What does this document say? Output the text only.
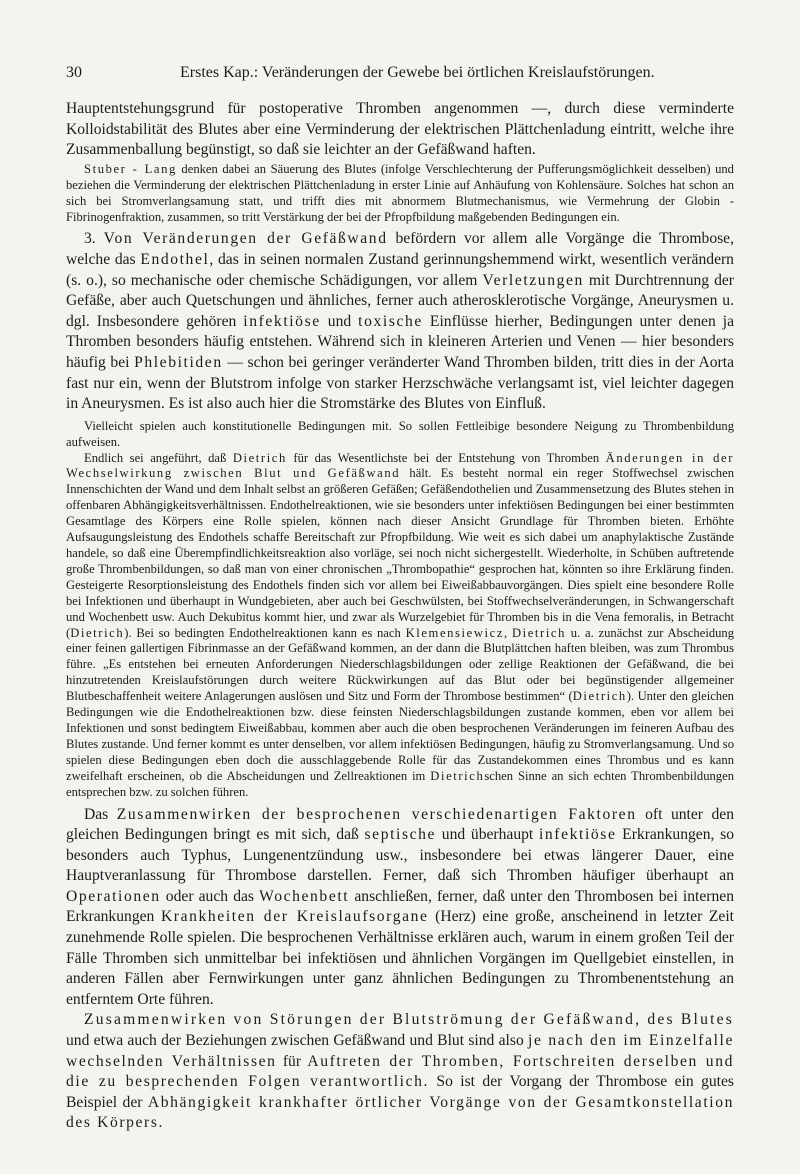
30	Erstes Kap.: Veränderungen der Gewebe bei örtlichen Kreislaufstörungen.

Hauptentstehungsgrund für postoperative Thromben angenommen —, durch diese verminderte Kolloidstabilität des Blutes aber eine Verminderung der elektrischen Plättchenladung eintritt, welche ihre Zusammenballung begünstigt, so daß sie leichter an der Gefäßwand haften.

Stuber - Lang denken dabei an Säuerung des Blutes (infolge Verschlechterung der Pufferungsmöglichkeit desselben) und beziehen die Verminderung der elektrischen Plättchenladung in erster Linie auf Anhäufung von Kohlensäure. Solches hat schon an sich bei Stromverlangsamung statt, und trifft dies mit abnormem Blutmechanismus, wie Vermehrung der Globin - Fibrinogenfraktion, zusammen, so tritt Verstärkung der bei der Pfropfbildung maßgebenden Bedingungen ein.

3. Von Veränderungen der Gefäßwand befördern vor allem alle Vorgänge die Thrombose, welche das Endothel, das in seinen normalen Zustand gerinnungshemmend wirkt, wesentlich verändern (s. o.), so mechanische oder chemische Schädigungen, vor allem Verletzungen mit Durchtrennung der Gefäße, aber auch Quetschungen und ähnliches, ferner auch atherosklerotische Vorgänge, Aneurysmen u. dgl. Insbesondere gehören infektiöse und toxische Einflüsse hierher, Bedingungen unter denen ja Thromben besonders häufig entstehen. Während sich in kleineren Arterien und Venen — hier besonders häufig bei Phlebitiden — schon bei geringer veränderter Wand Thromben bilden, tritt dies in der Aorta fast nur ein, wenn der Blutstrom infolge von starker Herzschwäche verlangsamt ist, viel leichter dagegen in Aneurysmen. Es ist also auch hier die Stromstärke des Blutes von Einfluß.

Vielleicht spielen auch konstitutionelle Bedingungen mit. So sollen Fettleibige besondere Neigung zu Thrombenbildung aufweisen.

Endlich sei angeführt, daß Dietrich für das Wesentlichste bei der Entstehung von Thromben Änderungen in der Wechselwirkung zwischen Blut und Gefäßwand hält. Es besteht normal ein reger Stoffwechsel zwischen Innenschichten der Wand und dem Inhalt selbst an größeren Gefäßen; Gefäßendothelien und Zusammensetzung des Blutes stehen in offenbaren Abhängigkeitsverhältnissen. Endothelreaktionen, wie sie besonders unter infektiösen Bedingungen bei einer bestimmten Gesamtlage des Körpers eine Rolle spielen, können nach dieser Ansicht Grundlage für Thromben bieten. Erhöhte Aufsaugungsleistung des Endothels schaffe Bereitschaft zur Pfropfbildung. Wie weit es sich dabei um anaphylaktische Zustände handele, so daß eine Überempfindlichkeitsreaktion also vorläge, sei noch nicht sichergestellt. Wiederholte, in Schüben auftretende große Thrombenbildungen, so daß man von einer chronischen „Thrombopathie“ gesprochen hat, könnten so ihre Erklärung finden. Gesteigerte Resorptionsleistung des Endothels finden sich vor allem bei Eiweißabbauvorgängen. Dies spielt eine besondere Rolle bei Infektionen und überhaupt in Wundgebieten, aber auch bei Geschwülsten, bei Stoffwechselveränderungen, in Schwangerschaft und Wochenbett usw. Auch Dekubitus kommt hier, und zwar als Wurzelgebiet für Thromben bis in die Vena femoralis, in Betracht (Dietrich). Bei so bedingten Endothelreaktionen kann es nach Klemensiewicz, Dietrich u. a. zunächst zur Abscheidung einer feinen gallertigen Fibrinmasse an der Gefäßwand kommen, an der dann die Blutplättchen haften bleiben, was zum Thrombus führe. „Es entstehen bei erneuten Anforderungen Niederschlagsbildungen oder zellige Reaktionen der Gefäßwand, die bei hinzutretenden Kreislaufstörungen durch weitere Rückwirkungen auf das Blut oder bei begünstigender allgemeiner Blutbeschaffenheit weitere Anlagerungen auslösen und Sitz und Form der Thrombose bestimmen“ (Dietrich). Unter den gleichen Bedingungen wie die Endothelreaktionen bzw. diese feinsten Niederschlagsbildungen zustande kommen, eben vor allem bei Infektionen und sonst bedingtem Eiweißabbau, kommen aber auch die oben besprochenen Veränderungen im feineren Aufbau des Blutes zustande. Und ferner kommt es unter denselben, vor allem infektiösen Bedingungen, häufig zu Stromverlangsamung. Und so spielen diese Bedingungen eben doch die ausschlaggebende Rolle für das Zustandekommen eines Thrombus und es kann zweifelhaft erscheinen, ob die Abscheidungen und Zellreaktionen im Dietrichschen Sinne an sich echten Thrombenbildungen entsprechen bzw. zu solchen führen.

Das Zusammenwirken der besprochenen verschiedenartigen Faktoren oft unter den gleichen Bedingungen bringt es mit sich, daß septische und überhaupt infektiöse Erkrankungen, so besonders auch Typhus, Lungenentzündung usw., insbesondere bei etwas längerer Dauer, eine Hauptveranlassung für Thrombose darstellen. Ferner, daß sich Thromben häufiger überhaupt an Operationen oder auch das Wochenbett anschließen, ferner, daß unter den Thrombosen bei internen Erkrankungen Krankheiten der Kreislaufsorgane (Herz) eine große, anscheinend in letzter Zeit zunehmende Rolle spielen. Die besprochenen Verhältnisse erklären auch, warum in einem großen Teil der Fälle Thromben sich unmittelbar bei infektiösen und ähnlichen Vorgängen im Quellgebiet einstellen, in anderen Fällen aber Fernwirkungen unter ganz ähnlichen Bedingungen zu Thrombenentstehung an entferntem Orte führen.

Zusammenwirken von Störungen der Blutströmung der Gefäßwand, des Blutes und etwa auch der Beziehungen zwischen Gefäßwand und Blut sind also je nach den im Einzelfalle wechselnden Verhältnissen für Auftreten der Thromben, Fortschreiten derselben und die zu besprechenden Folgen verantwortlich. So ist der Vorgang der Thrombose ein gutes Beispiel der Abhängigkeit krankhafter örtlicher Vorgänge von der Gesamtkonstellation des Körpers.
